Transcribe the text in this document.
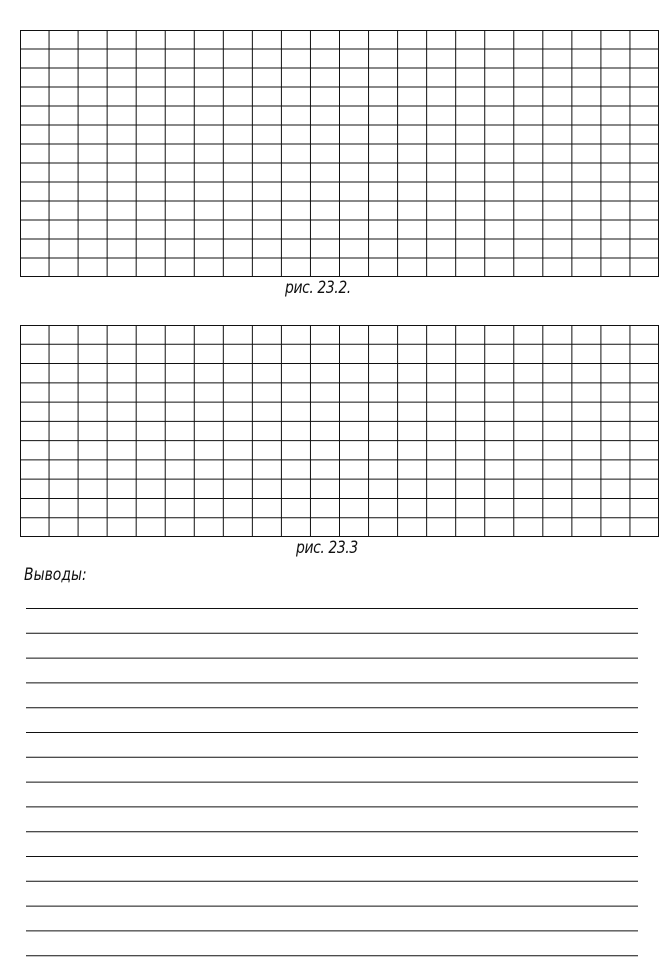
рис. 23.2.
рис. 23.3
Выводы:
